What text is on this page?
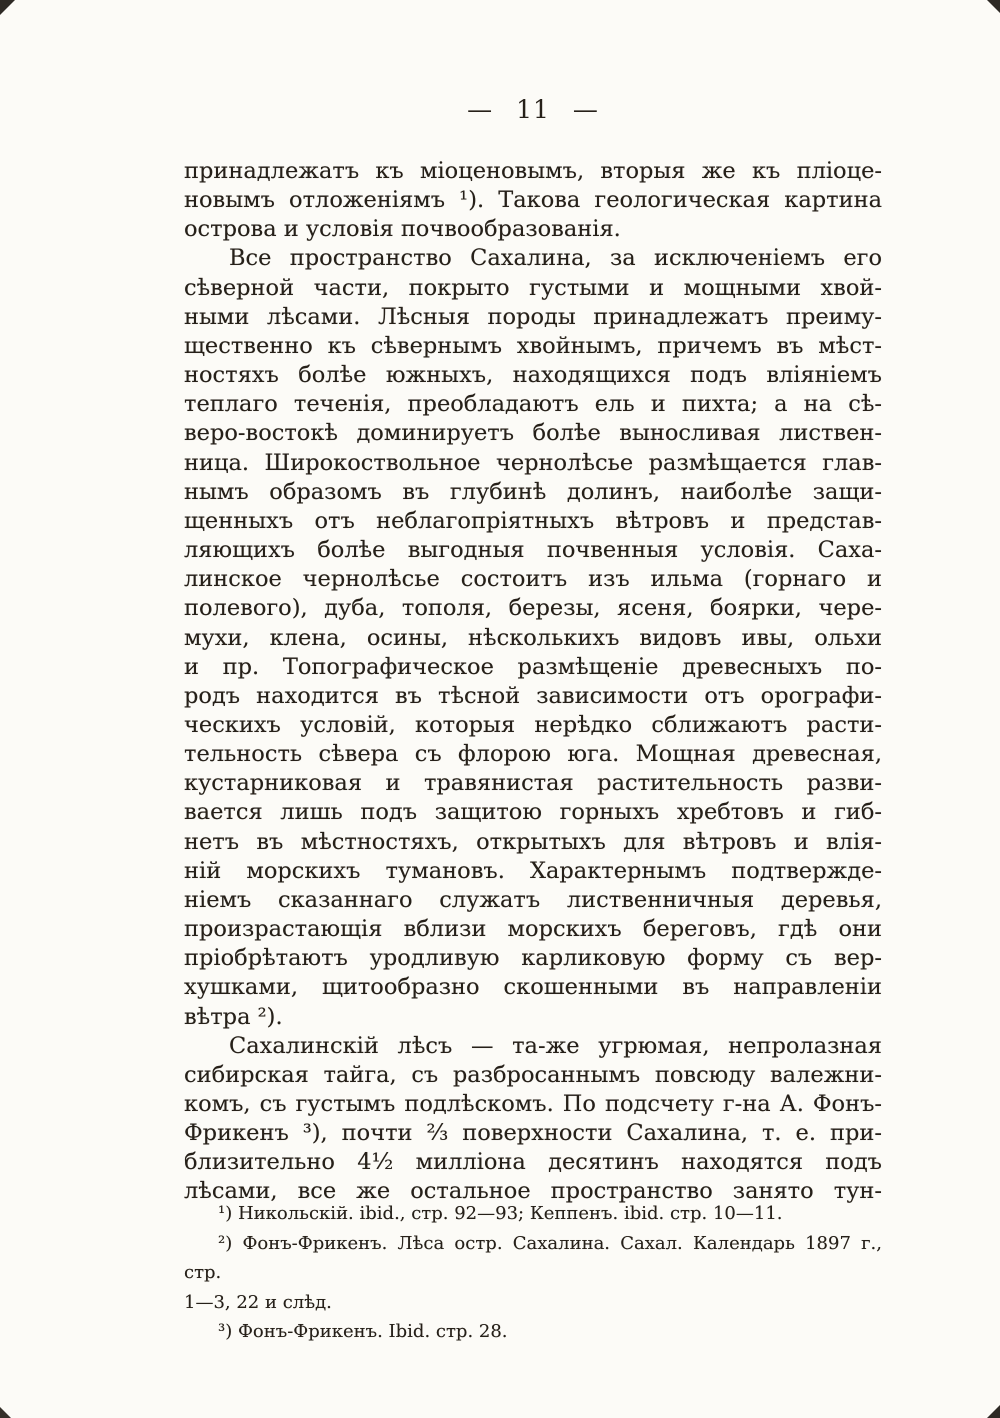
— 11 —
принадлежатъ къ міоценовымъ, вторыя же къ пліоце-
новымъ отложеніямъ ¹). Такова геологическая картина
острова и условія почвообразованія.
Все пространство Сахалина, за исключеніемъ его
сѣверной части, покрыто густыми и мощными хвой-
ными лѣсами. Лѣсныя породы принадлежатъ преиму-
щественно къ сѣвернымъ хвойнымъ, причемъ въ мѣст-
ностяхъ болѣе южныхъ, находящихся подъ вліяніемъ
теплаго теченія, преобладаютъ ель и пихта; а на сѣ-
веро-востокѣ доминируетъ болѣе выносливая листвен-
ница. Широкоствольное чернолѣсье размѣщается глав-
нымъ образомъ въ глубинѣ долинъ, наиболѣе защи-
щенныхъ отъ неблагопріятныхъ вѣтровъ и представ-
ляющихъ болѣе выгодныя почвенныя условія. Саха-
линское чернолѣсье состоитъ изъ ильма (горнаго и
полевого), дуба, тополя, березы, ясеня, боярки, чере-
мухи, клена, осины, нѣсколькихъ видовъ ивы, ольхи
и пр. Топографическое размѣщеніе древесныхъ по-
родъ находится въ тѣсной зависимости отъ орографи-
ческихъ условій, которыя нерѣдко сближаютъ расти-
тельность сѣвера съ флорою юга. Мощная древесная,
кустарниковая и травянистая растительность разви-
вается лишь подъ защитою горныхъ хребтовъ и гиб-
нетъ въ мѣстностяхъ, открытыхъ для вѣтровъ и влія-
ній морскихъ тумановъ. Характернымъ подтвержде-
ніемъ сказаннаго служатъ лиственничныя деревья,
произрастающія вблизи морскихъ береговъ, гдѣ они
пріобрѣтаютъ уродливую карликовую форму съ вер-
хушками, щитообразно скошенными въ направленіи
вѣтра ²).
Сахалинскій лѣсъ — та-же угрюмая, непролазная
сибирская тайга, съ разбросаннымъ повсюду валежни-
комъ, съ густымъ подлѣскомъ. По подсчету г-на А. Фонъ-
Фрикенъ ³), почти ²⁄₃ поверхности Сахалина, т. е. при-
близительно 4¹⁄₂ милліона десятинъ находятся подъ
лѣсами, все же остальное пространство занято тун-
¹) Никольскій. ibid., стр. 92—93; Кеппенъ. ibid. стр. 10—11.
²) Фонъ-Фрикенъ. Лѣса остр. Сахалина. Сахал. Календарь 1897 г., стр.
1—3, 22 и слѣд.
³) Фонъ-Фрикенъ. Ibid. стр. 28.
